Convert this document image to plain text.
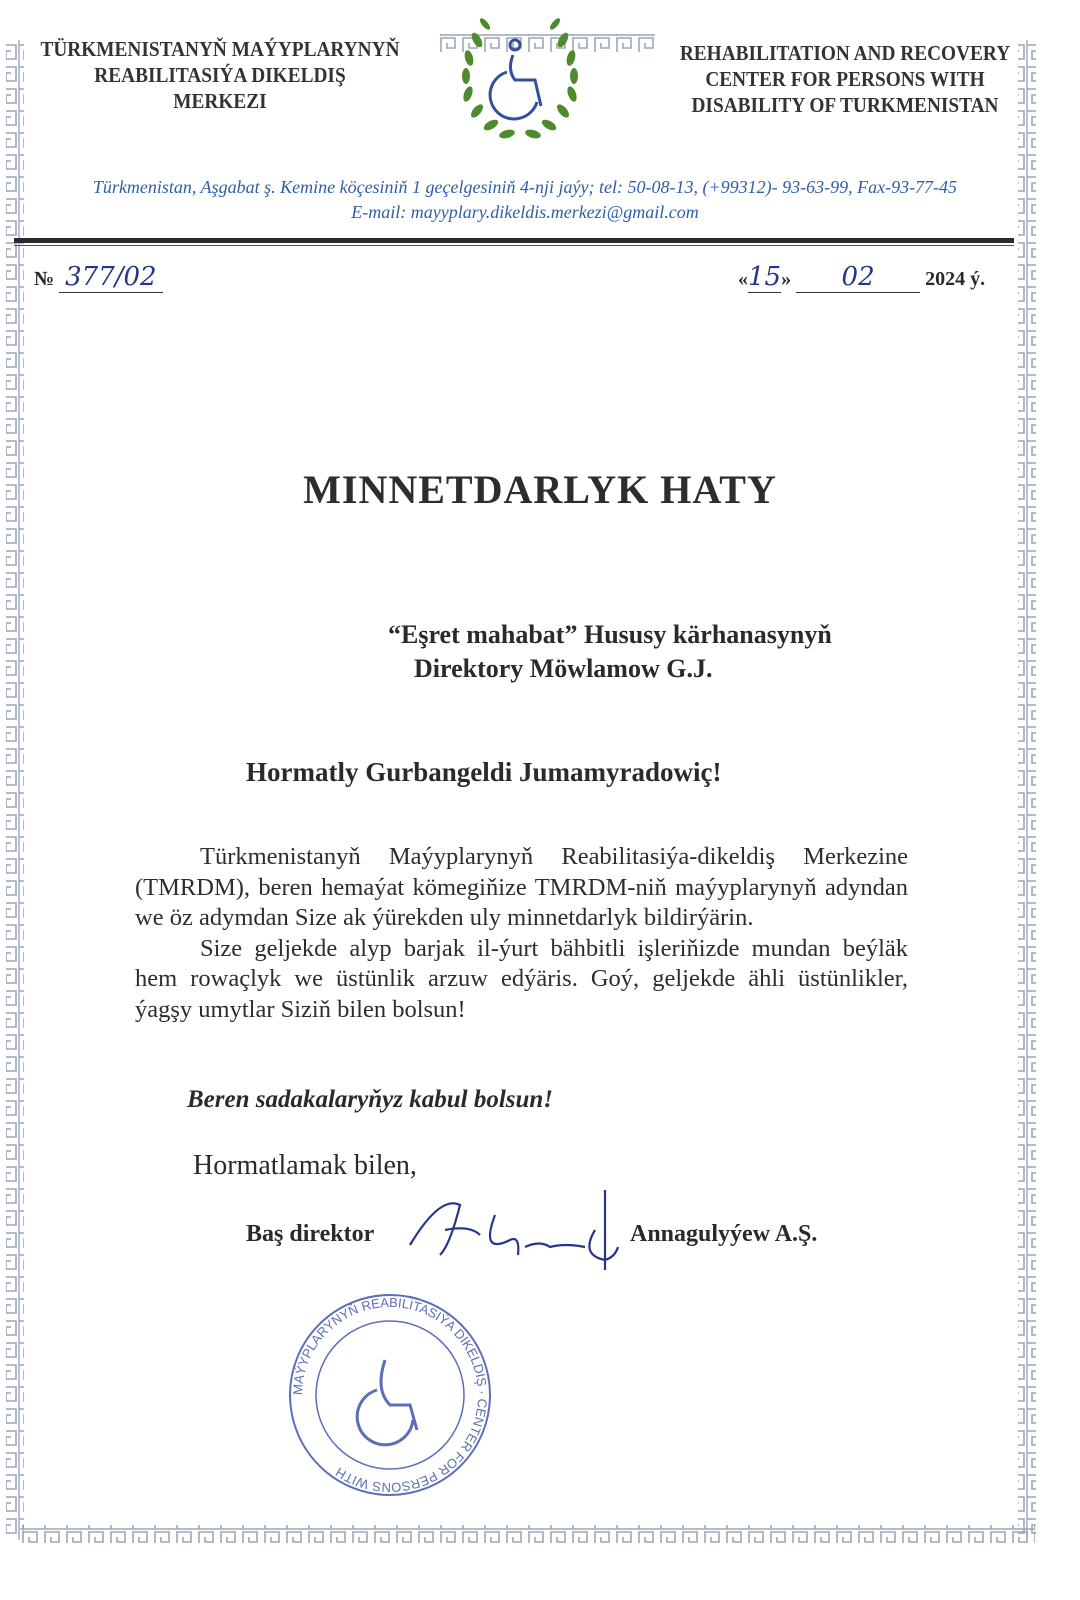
TÜRKMENISTANYŇ MAÝYPLARYNYŇ
REABILITASIÝA DIKELDIŞ
MERKEZI
REHABILITATION AND RECOVERY
CENTER FOR PERSONS WITH
DISABILITY OF TURKMENISTAN
Türkmenistan, Aşgabat ş. Kemine köçesiniň 1 geçelgesiniň 4-nji jaýy; tel: 50-08-13, (+99312)- 93-63-99, Fax-93-77-45
E-mail: mayyplary.dikeldis.merkezi@gmail.com
№ 377/02	«15» 02	2024 ý.
MINNETDARLYK HATY
“Eşret mahabat” Hususy kärhanasynyň
Direktory Möwlamow G.J.
Hormatly Gurbangeldi Jumamyradowiç!

Türkmenistanyň Maýyplarynyň Reabilitasiýa-dikeldiş Merkezine (TMRDM), beren hemaýat kömegiňize TMRDM-niň maýyplarynyň adyndan we öz adymdan Size ak ýürekden uly minnetdarlyk bildirýärin.

Size geljekde alyp barjak il-ýurt bähbitli işleriňizde mundan beýläk hem rowaçlyk we üstünlik arzuw edýäris. Goý, geljekde ähli üstünlikler, ýagşy umytlar Siziň bilen bolsun!

Beren sadakalaryňyz kabul bolsun!
Hormatlamak bilen,
Baş direktor	Annagulyýew A.Ş.
MAÝYPLARYNYŇ REABILITASIÝA DIKELDIŞ · CENTER FOR PERSONS WITH
